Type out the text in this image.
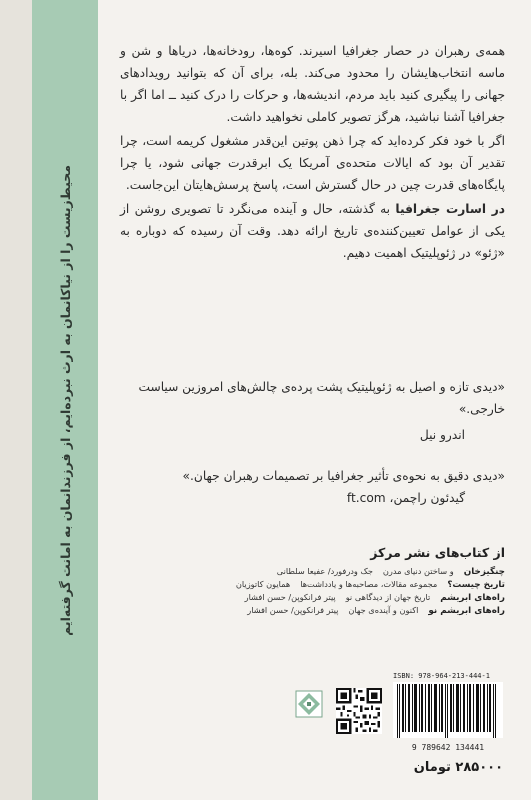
محیط‌زیست را از نیاکانمان به ارث نبرده‌ایم، از فرزندانمان به امانت گرفته‌ایم

همه‌ی رهبران در حصار جغرافیا اسیرند. کوه‌ها، رودخانه‌ها، دریاها و شن و ماسه انتخاب‌هایشان را محدود می‌کند. بله، برای آن که بتوانید رویدادهای جهانی را پیگیری کنید باید مردم، اندیشه‌ها، و حرکات را درک کنید ــ اما اگر با جغرافیا آشنا نباشید، هرگز تصویر کاملی نخواهید داشت.

اگر با خود فکر کرده‌اید که چرا ذهن پوتین این‌قدر مشغول کریمه است، چرا تقدیر آن بود که ایالات متحده‌ی آمریکا یک ابرقدرت جهانی شود، یا چرا پایگاه‌های قدرت چین در حال گسترش است، پاسخ پرسش‌هایتان این‌جاست.

در اسارت جغرافیا به گذشته، حال و آینده می‌نگرد تا تصویری روشن از یکی از عوامل تعیین‌کننده‌ی تاریخ ارائه دهد. وقت آن رسیده که دوباره به «ژئو» در ژئوپلیتیک اهمیت دهیم.

«دیدی تازه و اصیل به ژئوپلیتیک پشت پرده‌ی چالش‌های امروزین سیاست خارجی.»

اندرو نیل

«دیدی دقیق به نحوه‌ی تأثیر جغرافیا بر تصمیمات رهبران جهان.»

گیدئون راچمن، ft.com

از کتاب‌های نشر مرکز
چنگیزخان
و ساختن دنیای مدرن
جک ودرفورد/ عفیعا سلطانی
تاریخ چیست؟
مجموعه مقالات، مصاحبه‌ها و یادداشت‌ها
همایون کاتوزیان
راه‌های ابریشم
تاریخ جهان از دیدگاهی نو
پیتر فرانکوپن/ حسن افشار
راه‌های ابریشم نو
اکنون و آینده‌ی جهان
پیتر فرانکوپن/ حسن افشار
ISBN: 978-964-213-444-1
9 789642 134441
۲۸۵۰۰۰ تومان
